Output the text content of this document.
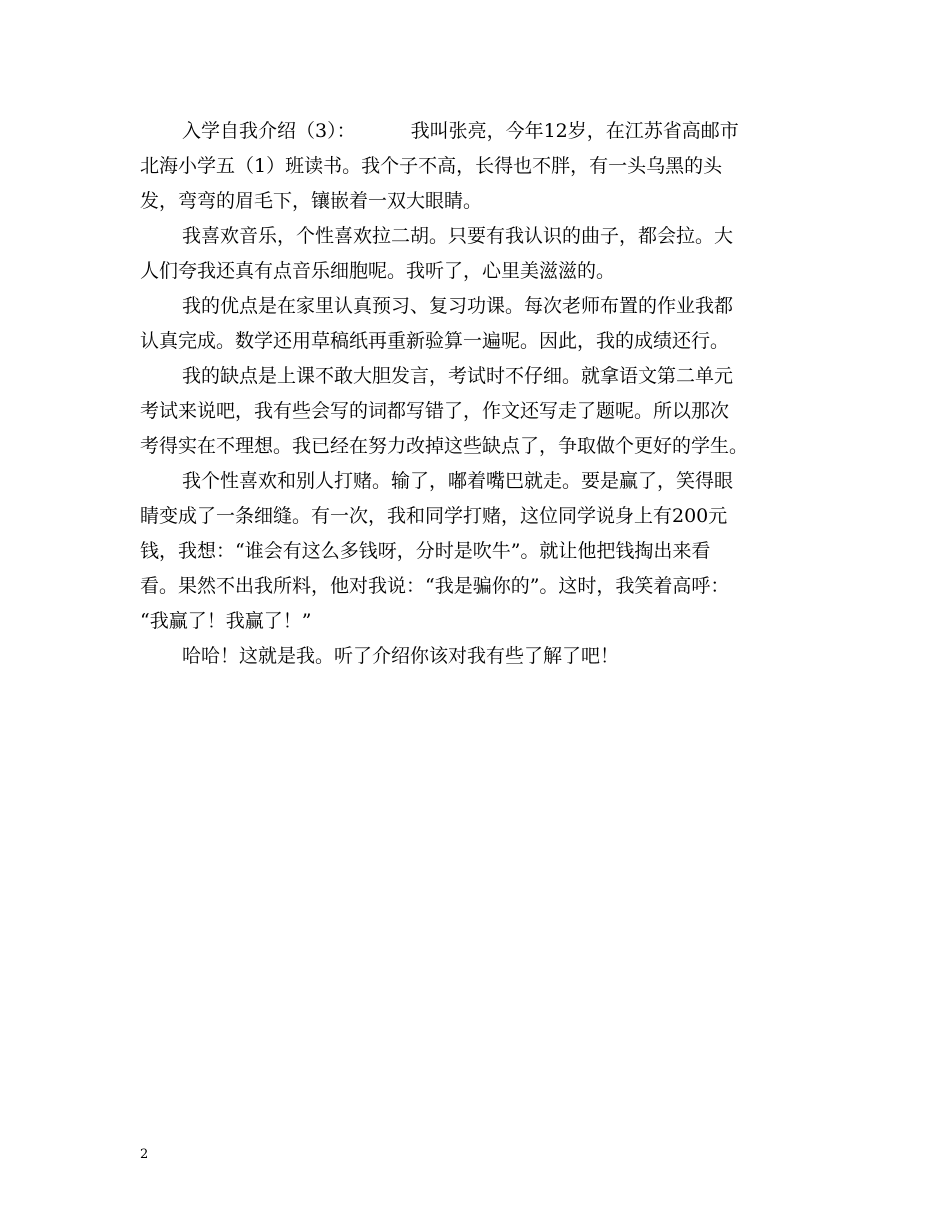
入学自我介绍（3）：	我叫张亮，今年12岁，在江苏省高邮市
北海小学五（1）班读书。我个子不高，长得也不胖，有一头乌黑的头
发，弯弯的眉毛下，镶嵌着一双大眼睛。
我喜欢音乐，个性喜欢拉二胡。只要有我认识的曲子，都会拉。大
人们夸我还真有点音乐细胞呢。我听了，心里美滋滋的。
我的优点是在家里认真预习、复习功课。每次老师布置的作业我都
认真完成。数学还用草稿纸再重新验算一遍呢。因此，我的成绩还行。
我的缺点是上课不敢大胆发言，考试时不仔细。就拿语文第二单元
考试来说吧，我有些会写的词都写错了，作文还写走了题呢。所以那次
考得实在不理想。我已经在努力改掉这些缺点了，争取做个更好的学生。
我个性喜欢和别人打赌。输了，嘟着嘴巴就走。要是赢了，笑得眼
睛变成了一条细缝。有一次，我和同学打赌，这位同学说身上有200元
钱，我想：“谁会有这么多钱呀，分时是吹牛”。就让他把钱掏出来看
看。果然不出我所料，他对我说：“我是骗你的”。这时，我笑着高呼：
“我赢了！我赢了！”
哈哈！这就是我。听了介绍你该对我有些了解了吧！
2
